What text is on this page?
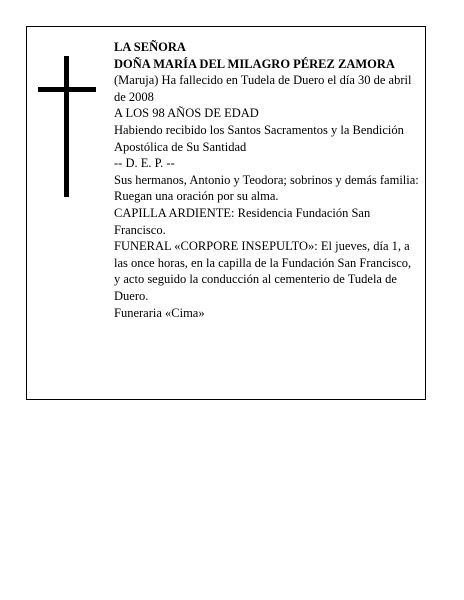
LA SEÑORA
DOÑA MARÍA DEL MILAGRO PÉREZ ZAMORA
(Maruja) Ha fallecido en Tudela de Duero el día 30 de abril de 2008
A LOS 98 AÑOS DE EDAD
Habiendo recibido los Santos Sacramentos y la Bendición Apostólica de Su Santidad
-- D. E. P. --
Sus hermanos, Antonio y Teodora; sobrinos y demás familia:
Ruegan una oración por su alma.
CAPILLA ARDIENTE: Residencia Fundación San Francisco.
FUNERAL «CORPORE INSEPULTO»: El jueves, día 1, a las once horas, en la capilla de la Fundación San Francisco, y acto seguido la conducción al cementerio de Tudela de Duero.
Funeraria «Cima»
